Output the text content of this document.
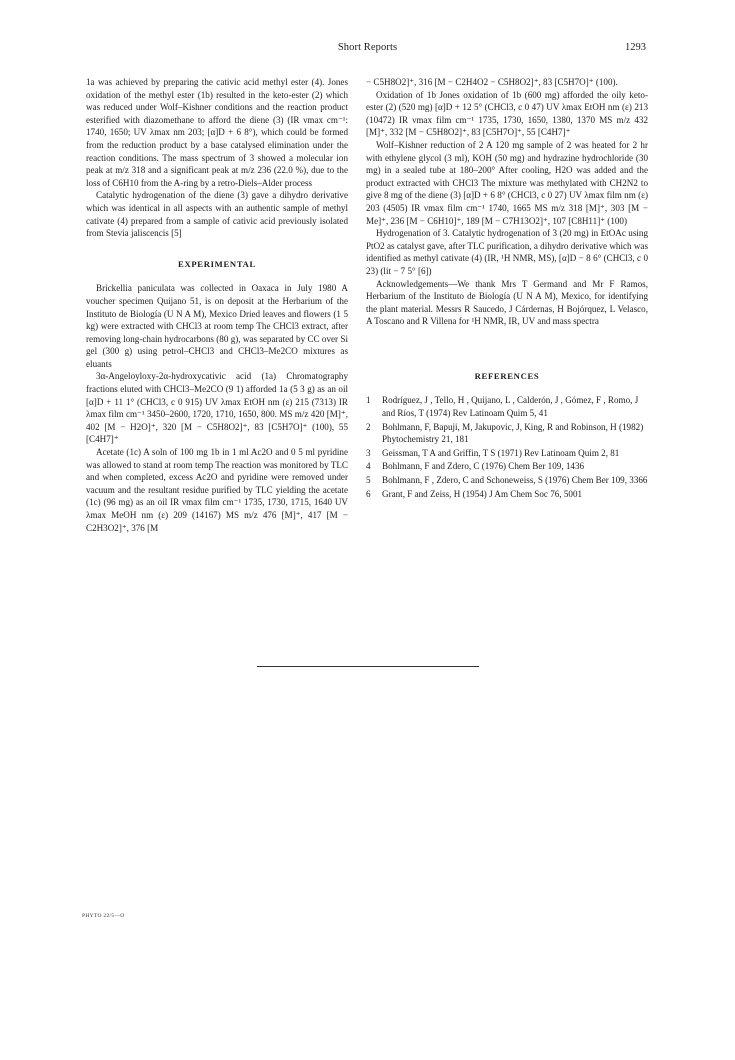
Short Reports	1293

1a was achieved by preparing the cativic acid methyl ester (4). Jones oxidation of the methyl ester (1b) resulted in the keto-ester (2) which was reduced under Wolf–Kishner conditions and the reaction product esterified with diazomethane to afford the diene (3) (IR νmax cm⁻¹: 1740, 1650; UV λmax nm 203; [α]D + 6 8°), which could be formed from the reduction product by a base catalysed elimination under the reaction conditions. The mass spectrum of 3 showed a molecular ion peak at m/z 318 and a significant peak at m/z 236 (22.0 %), due to the loss of C6H10 from the A-ring by a retro-Diels–Alder process

Catalytic hydrogenation of the diene (3) gave a dihydro derivative which was identical in all aspects with an authentic sample of methyl cativate (4) prepared from a sample of cativic acid previously isolated from Stevia jaliscencis [5]

EXPERIMENTAL

Brickellia paniculata was collected in Oaxaca in July 1980 A voucher specimen Quijano 51, is on deposit at the Herbarium of the Instituto de Biología (U N A M), Mexico Dried leaves and flowers (1 5 kg) were extracted with CHCl3 at room temp The CHCl3 extract, after removing long-chain hydrocarbons (80 g), was separated by CC over Si gel (300 g) using petrol–CHCl3 and CHCl3–Me2CO mixtures as eluants

3α-Angeloyloxy-2α-hydroxycativic acid (1a) Chromatography fractions eluted with CHCl3–Me2CO (9 1) afforded 1a (5 3 g) as an oil [α]D + 11 1° (CHCl3, c 0 915) UV λmax EtOH nm (ε) 215 (7313) IR λmax film cm⁻¹ 3450–2600, 1720, 1710, 1650, 800. MS m/z 420 [M]⁺, 402 [M − H2O]⁺, 320 [M − C5H8O2]⁺, 83 [C5H7O]⁺ (100), 55 [C4H7]⁺

Acetate (1c) A soln of 100 mg 1b in 1 ml Ac2O and 0 5 ml pyridine was allowed to stand at room temp The reaction was monitored by TLC and when completed, excess Ac2O and pyridine were removed under vacuum and the resultant residue purified by TLC yielding the acetate (1c) (96 mg) as an oil IR νmax film cm⁻¹ 1735, 1730, 1715, 1640 UV λmax MeOH nm (ε) 209 (14167) MS m/z 476 [M]⁺, 417 [M − C2H3O2]⁺, 376 [M

− C5H8O2]⁺, 316 [M − C2H4O2 − C5H8O2]⁺, 83 [C5H7O]⁺ (100).

Oxidation of 1b Jones oxidation of 1b (600 mg) afforded the oily keto-ester (2) (520 mg) [α]D + 12 5° (CHCl3, c 0 47) UV λmax EtOH nm (ε) 213 (10472) IR νmax film cm⁻¹ 1735, 1730, 1650, 1380, 1370 MS m/z 432 [M]⁺, 332 [M − C5H8O2]⁺, 83 [C5H7O]⁺, 55 [C4H7]⁺

Wolf–Kishner reduction of 2 A 120 mg sample of 2 was heated for 2 hr with ethylene glycol (3 ml), KOH (50 mg) and hydrazine hydrochloride (30 mg) in a sealed tube at 180–200° After cooling, H2O was added and the product extracted with CHCl3 The mixture was methylated with CH2N2 to give 8 mg of the diene (3) [α]D + 6 8° (CHCl3, c 0 27) UV λmax film nm (ε) 203 (4505) IR νmax film cm⁻¹ 1740, 1665 MS m/z 318 [M]⁺, 303 [M − Me]⁺, 236 [M − C6H10]⁺, 189 [M − C7H13O2]⁺, 107 [C8H11]⁺ (100)

Hydrogenation of 3. Catalytic hydrogenation of 3 (20 mg) in EtOAc using PtO2 as catalyst gave, after TLC purification, a dihydro derivative which was identified as methyl cativate (4) (IR, ¹H NMR, MS), [α]D − 8 6° (CHCl3, c 0 23) (lit − 7 5° [6])

Acknowledgements—We thank Mrs T Germand and Mr F Ramos, Herbarium of the Instituto de Biología (U N A M), Mexico, for identifying the plant material. Messrs R Saucedo, J Cárdernas, H Bojórquez, L Velasco, A Toscano and R Villena for ¹H NMR, IR, UV and mass spectra

REFERENCES
1	Rodríguez, J , Tello, H , Quijano, L , Calderón, J , Gómez, F , Romo, J and Ríos, T (1974) Rev Latinoam Quim 5, 41
2	Bohlmann, F, Bapuji, M, Jakupovic, J, King, R and Robinson, H (1982) Phytochemistry 21, 181
3	Geissman, T A and Griffin, T S (1971) Rev Latinoam Quim 2, 81
4	Bohlmann, F and Zdero, C (1976) Chem Ber 109, 1436
5	Bohlmann, F , Zdero, C and Schoneweiss, S (1976) Chem Ber 109, 3366
6	Grant, F and Zeiss, H (1954) J Am Chem Soc 76, 5001
PHYTO 22/5—O
